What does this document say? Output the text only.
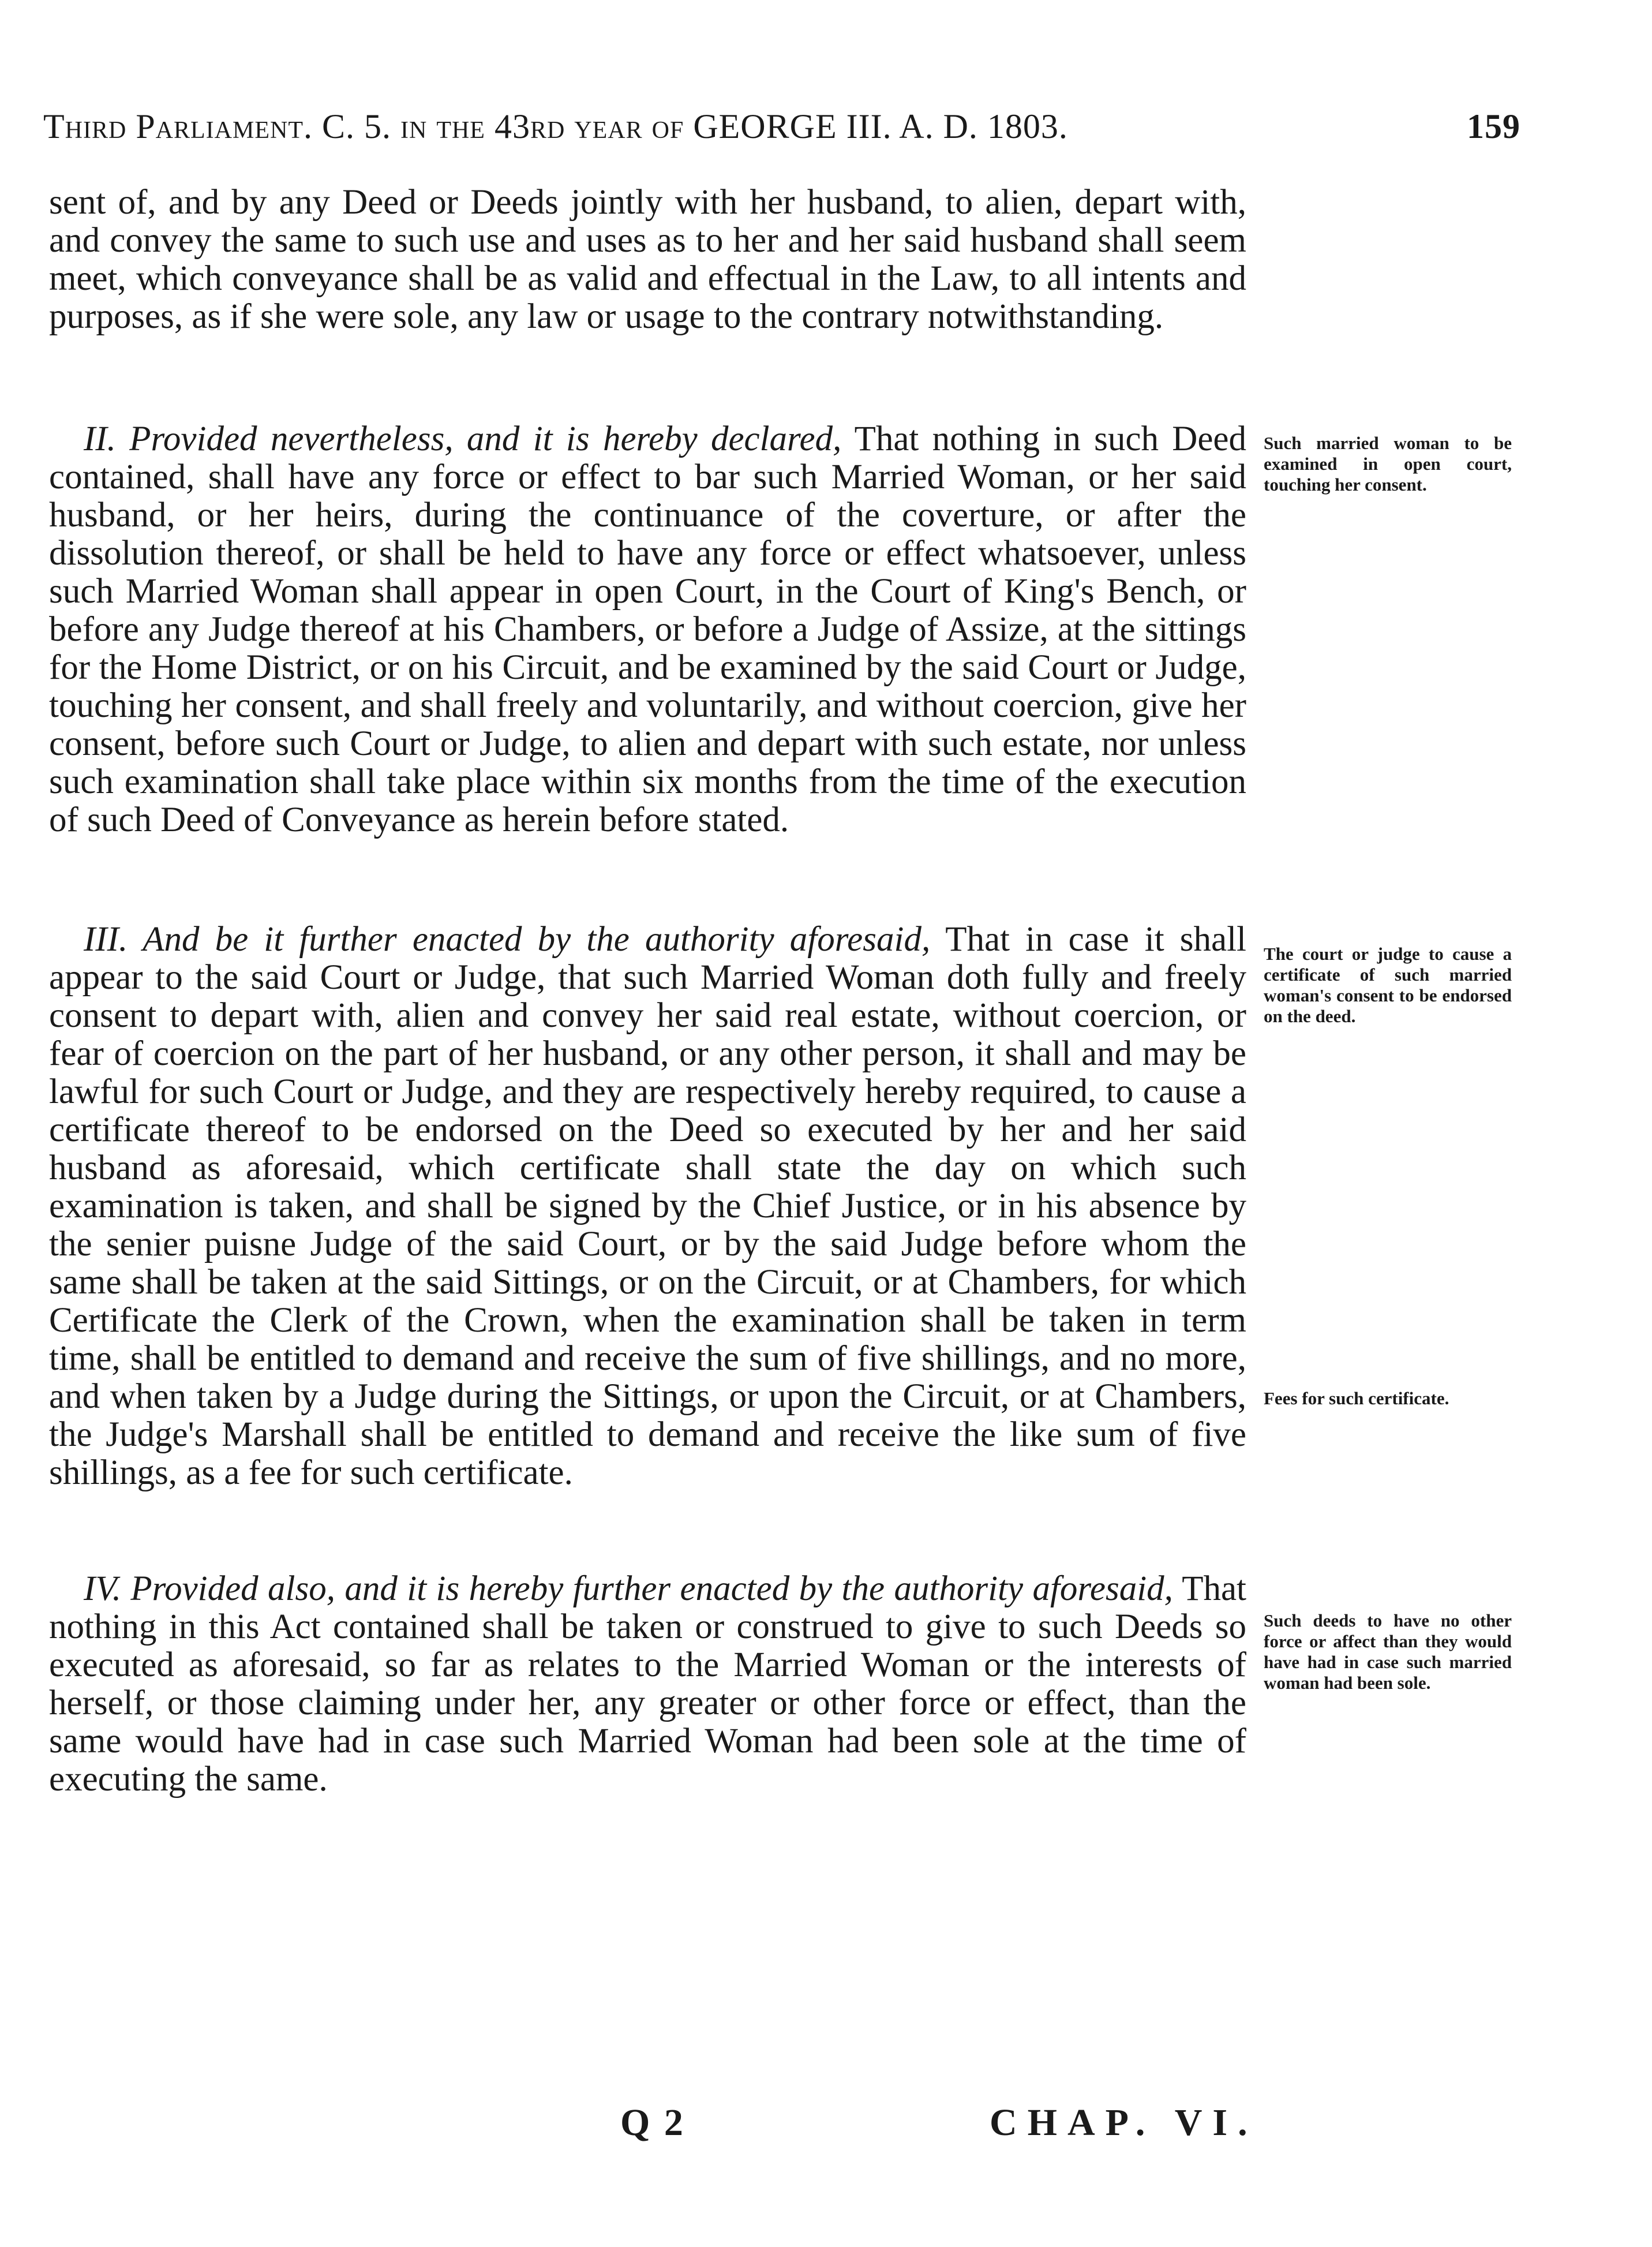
Third Parliament. C. 5. in the 43rd year of GEORGE III. A. D. 1803.	159

sent of, and by any Deed or Deeds jointly with her husband, to alien, depart with, and convey the same to such use and uses as to her and her said husband shall seem meet, which conveyance shall be as valid and effectual in the Law, to all intents and purposes, as if she were sole, any law or usage to the contrary notwithstanding.

II. Provided nevertheless, and it is hereby declared, That nothing in such Deed contained, shall have any force or effect to bar such Married Woman, or her said husband, or her heirs, during the continuance of the coverture, or after the dissolution thereof, or shall be held to have any force or effect whatsoever, unless such Married Woman shall appear in open Court, in the Court of King's Bench, or before any Judge thereof at his Chambers, or before a Judge of Assize, at the sittings for the Home District, or on his Circuit, and be examined by the said Court or Judge, touching her consent, and shall freely and voluntarily, and without coercion, give her consent, before such Court or Judge, to alien and depart with such estate, nor unless such examination shall take place within six months from the time of the execution of such Deed of Conveyance as herein before stated.

III. And be it further enacted by the authority aforesaid, That in case it shall appear to the said Court or Judge, that such Married Woman doth fully and freely consent to depart with, alien and convey her said real estate, without coercion, or fear of coercion on the part of her husband, or any other person, it shall and may be lawful for such Court or Judge, and they are respectively hereby required, to cause a certificate thereof to be endorsed on the Deed so executed by her and her said husband as aforesaid, which certificate shall state the day on which such examination is taken, and shall be signed by the Chief Justice, or in his absence by the senier puisne Judge of the said Court, or by the said Judge before whom the same shall be taken at the said Sittings, or on the Circuit, or at Chambers, for which Certificate the Clerk of the Crown, when the examination shall be taken in term time, shall be entitled to demand and receive the sum of five shillings, and no more, and when taken by a Judge during the Sittings, or upon the Circuit, or at Chambers, the Judge's Marshall shall be entitled to demand and receive the like sum of five shillings, as a fee for such certificate.

IV. Provided also, and it is hereby further enacted by the authority aforesaid, That nothing in this Act contained shall be taken or construed to give to such Deeds so executed as aforesaid, so far as relates to the Married Woman or the interests of herself, or those claiming under her, any greater or other force or effect, than the same would have had in case such Married Woman had been sole at the time of executing the same.

Such married woman to be examined in open court, touching her consent.
The court or judge to cause a certificate of such married woman's consent to be endorsed on the deed.
Fees for such certificate.
Such deeds to have no other force or affect than they would have had in case such married woman had been sole.
Q 2	CHAP. VI.
